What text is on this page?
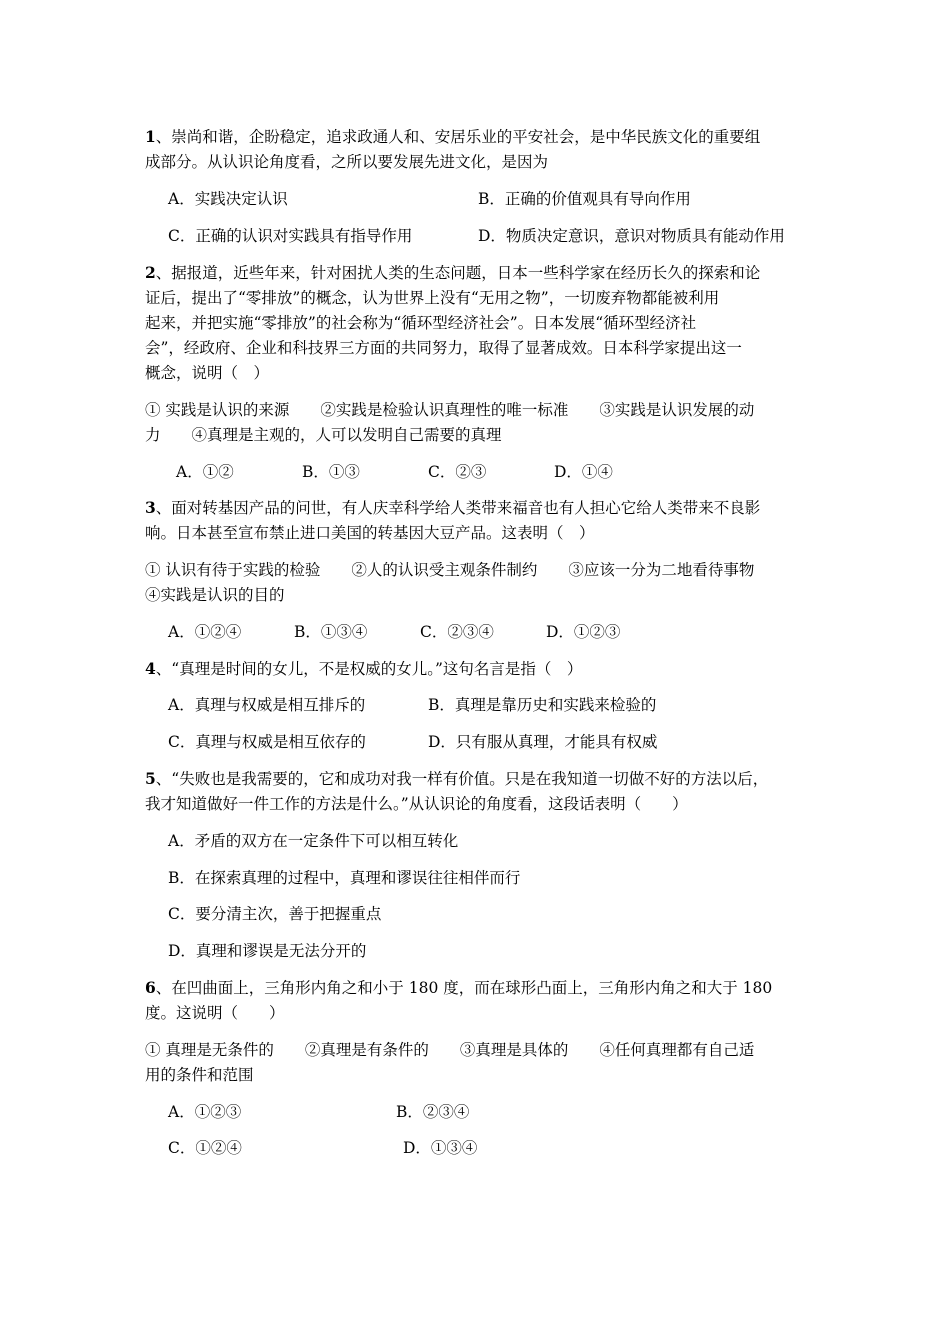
1、崇尚和谐，企盼稳定，追求政通人和、安居乐业的平安社会，是中华民族文化的重要组
成部分。从认识论角度看，之所以要发展先进文化，是因为
A．实践决定认识	B．正确的价值观具有导向作用
C．正确的认识对实践具有指导作用	D．物质决定意识，意识对物质具有能动作用
2、据报道，近些年来，针对困扰人类的生态问题，日本一些科学家在经历长久的探索和论
证后，提出了“零排放”的概念，认为世界上没有“无用之物”，一切废弃物都能被利用
起来，并把实施“零排放”的社会称为“循环型经济社会”。日本发展“循环型经济社
会”，经政府、企业和科技界三方面的共同努力，取得了显著成效。日本科学家提出这一
概念，说明（　）
① 实践是认识的来源　　②实践是检验认识真理性的唯一标准　　③实践是认识发展的动
力　　④真理是主观的，人可以发明自己需要的真理
A．①②	B．①③	C．②③	D．①④
3、面对转基因产品的问世，有人庆幸科学给人类带来福音也有人担心它给人类带来不良影
响。日本甚至宣布禁止进口美国的转基因大豆产品。这表明（　）
① 认识有待于实践的检验　　②人的认识受主观条件制约　　③应该一分为二地看待事物
④实践是认识的目的
A．①②④	B．①③④	C．②③④	D．①②③
4、“真理是时间的女儿，不是权威的女儿。”这句名言是指（　）
A．真理与权威是相互排斥的	B．真理是靠历史和实践来检验的
C．真理与权威是相互依存的	D．只有服从真理，才能具有权威
5、“失败也是我需要的，它和成功对我一样有价值。只是在我知道一切做不好的方法以后，
我才知道做好一件工作的方法是什么。”从认识论的角度看，这段话表明（　　）
A．矛盾的双方在一定条件下可以相互转化
B．在探索真理的过程中，真理和谬误往往相伴而行
C．要分清主次，善于把握重点
D．真理和谬误是无法分开的
6、在凹曲面上，三角形内角之和小于 180 度，而在球形凸面上，三角形内角之和大于 180
度。这说明（　　）
① 真理是无条件的　　②真理是有条件的　　③真理是具体的　　④任何真理都有自己适
用的条件和范围
A．①②③	B．②③④
C．①②④	D．①③④
